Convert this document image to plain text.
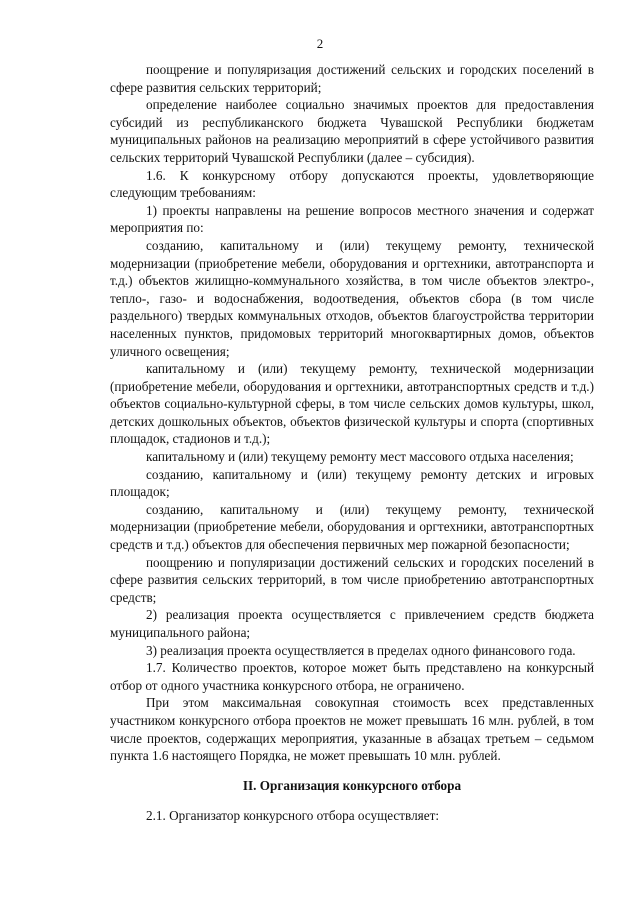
2

поощрение и популяризация достижений сельских и городских поселений в сфере развития сельских территорий;

определение наиболее социально значимых проектов для предоставления субсидий из республиканского бюджета Чувашской Республики бюджетам муниципальных районов на реализацию мероприятий в сфере устойчивого развития сельских территорий Чувашской Республики (далее – субсидия).

1.6. К конкурсному отбору допускаются проекты, удовлетворяющие следующим требованиям:

1) проекты направлены на решение вопросов местного значения и содержат мероприятия по:

созданию, капитальному и (или) текущему ремонту, технической модернизации (приобретение мебели, оборудования и оргтехники, автотранспорта и т.д.) объектов жилищно-коммунального хозяйства, в том числе объектов электро-, тепло-, газо- и водоснабжения, водоотведения, объектов сбора (в том числе раздельного) твердых коммунальных отходов, объектов благоустройства территории населенных пунктов, придомовых территорий многоквартирных домов, объектов уличного освещения;

капитальному и (или) текущему ремонту, технической модернизации (приобретение мебели, оборудования и оргтехники, автотранспортных средств и т.д.) объектов социально-культурной сферы, в том числе сельских домов культуры, школ, детских дошкольных объектов, объектов физической культуры и спорта (спортивных площадок, стадионов и т.д.);

капитальному и (или) текущему ремонту мест массового отдыха населения;

созданию, капитальному и (или) текущему ремонту детских и игровых площадок;

созданию, капитальному и (или) текущему ремонту, технической модернизации (приобретение мебели, оборудования и оргтехники, автотранспортных средств и т.д.) объектов для обеспечения первичных мер пожарной безопасности;

поощрению и популяризации достижений сельских и городских поселений в сфере развития сельских территорий, в том числе приобретению автотранспортных средств;

2) реализация проекта осуществляется с привлечением средств бюджета муниципального района;

3) реализация проекта осуществляется в пределах одного финансового года.

1.7. Количество проектов, которое может быть представлено на конкурсный отбор от одного участника конкурсного отбора, не ограничено.

При этом максимальная совокупная стоимость всех представленных участником конкурсного отбора проектов не может превышать 16 млн. рублей, в том числе проектов, содержащих мероприятия, указанные в абзацах третьем – седьмом пункта 1.6 настоящего Порядка, не может превышать 10 млн. рублей.

II. Организация конкурсного отбора

2.1. Организатор конкурсного отбора осуществляет:
